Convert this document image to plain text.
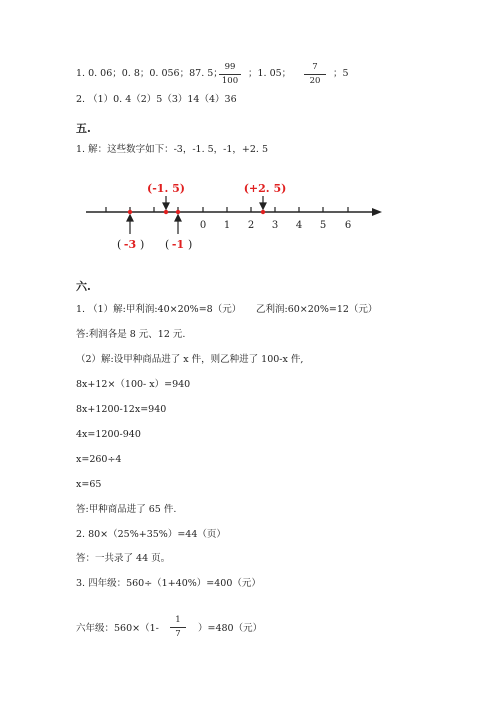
1. 0. 06；0. 8；0. 056；87. 5；
$\frac{99}{100}$ ；1. 05； $\frac{7}{20}$ ；5
2. （1）0. 4（2）5（3）14（4）36
五.
1. 解：这些数字如下：-3，-1. 5，-1，+2. 5
0 1 2 3 4 5 6
(-1. 5)	(+2. 5)
( -3 ) ( -1 )
六.
1. （1）解:甲利润:40×20%=8（元） 乙利润:60×20%=12（元）
答:利润各是 8 元、12 元.
（2）解:设甲种商品进了 x 件，则乙种进了 100-x 件,
8x+12×（100- x）=940
8x+1200-12x=940
4x=1200-940
x=260÷4
x=65
答:甲种商品进了 65 件.
2. 80×（25%+35%）=44（页）
答：一共录了 44 页。
3. 四年级：560÷（1+40%）=400（元）
六年级：$560\times(1- \frac{1}{7} )=480$（元）
